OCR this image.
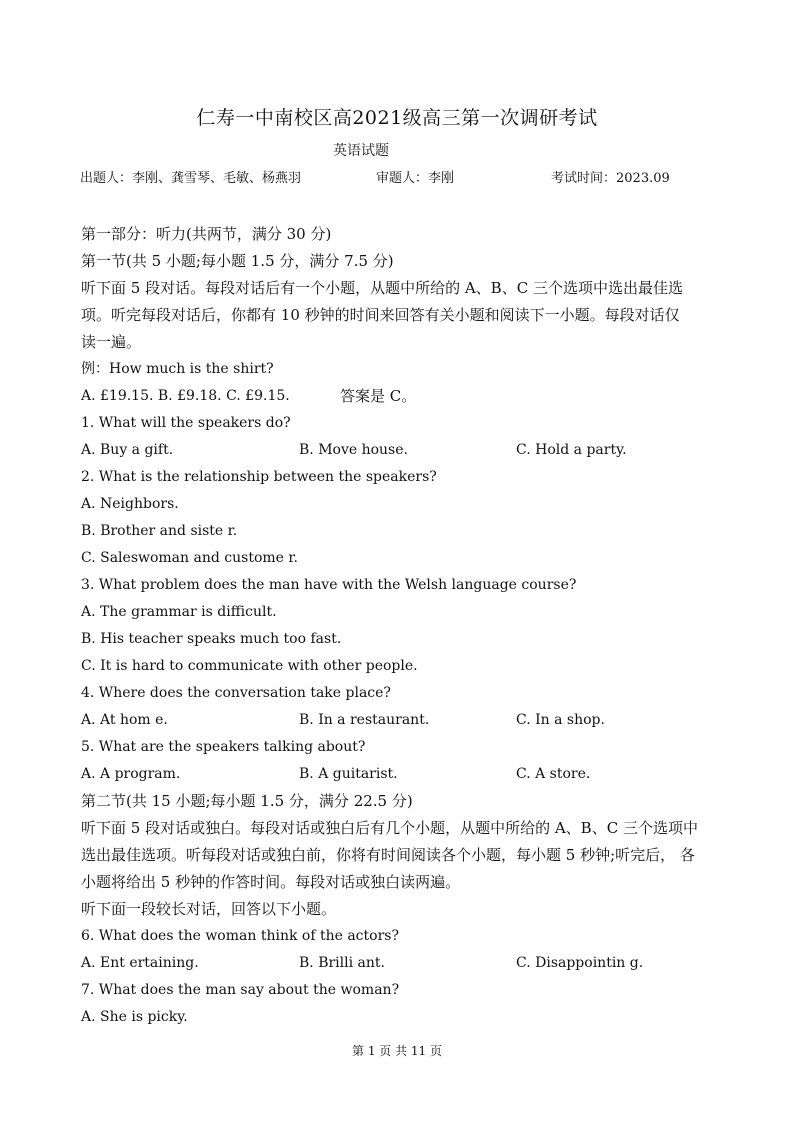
仁寿一中南校区高2021级高三第一次调研考试
英语试题
出题人：李刚、龚雪琴、毛敏、杨燕羽	审题人：李刚	考试时间：2023.09
第一部分：听力(共两节，满分 30 分)
第一节(共 5 小题;每小题 1.5 分，满分 7.5 分)
听下面 5 段对话。每段对话后有一个小题，从题中所给的 A、B、C 三个选项中选出最佳选
项。听完每段对话后，你都有 10 秒钟的时间来回答有关小题和阅读下一小题。每段对话仅
读一遍。
例：How much is the shirt?
A. £19.15. B. £9.18. C. £9.15.	答案是 C。
1. What will the speakers do?
A. Buy a gift.	B. Move house.	C. Hold a party.
2. What is the relationship between the speakers?
A. Neighbors.
B. Brother and siste r.
C. Saleswoman and custome r.
3. What problem does the man have with the Welsh language course?
A. The grammar is difficult.
B. His teacher speaks much too fast.
C. It is hard to communicate with other people.
4. Where does the conversation take place?
A. At hom e.	B. In a restaurant.	C. In a shop.
5. What are the speakers talking about?
A. A program.	B. A guitarist.	C. A store.
第二节(共 15 小题;每小题 1.5 分，满分 22.5 分)
听下面 5 段对话或独白。每段对话或独白后有几个小题，从题中所给的 A、B、C 三个选项中
选出最佳选项。听每段对话或独白前，你将有时间阅读各个小题，每小题 5 秒钟;听完后， 各
小题将给出 5 秒钟的作答时间。每段对话或独白读两遍。
听下面一段较长对话，回答以下小题。
6. What does the woman think of the actors?
A. Ent ertaining.	B. Brilli ant.	C. Disappointin g.
7. What does the man say about the woman?
A. She is picky.
第 1 页 共 11 页
